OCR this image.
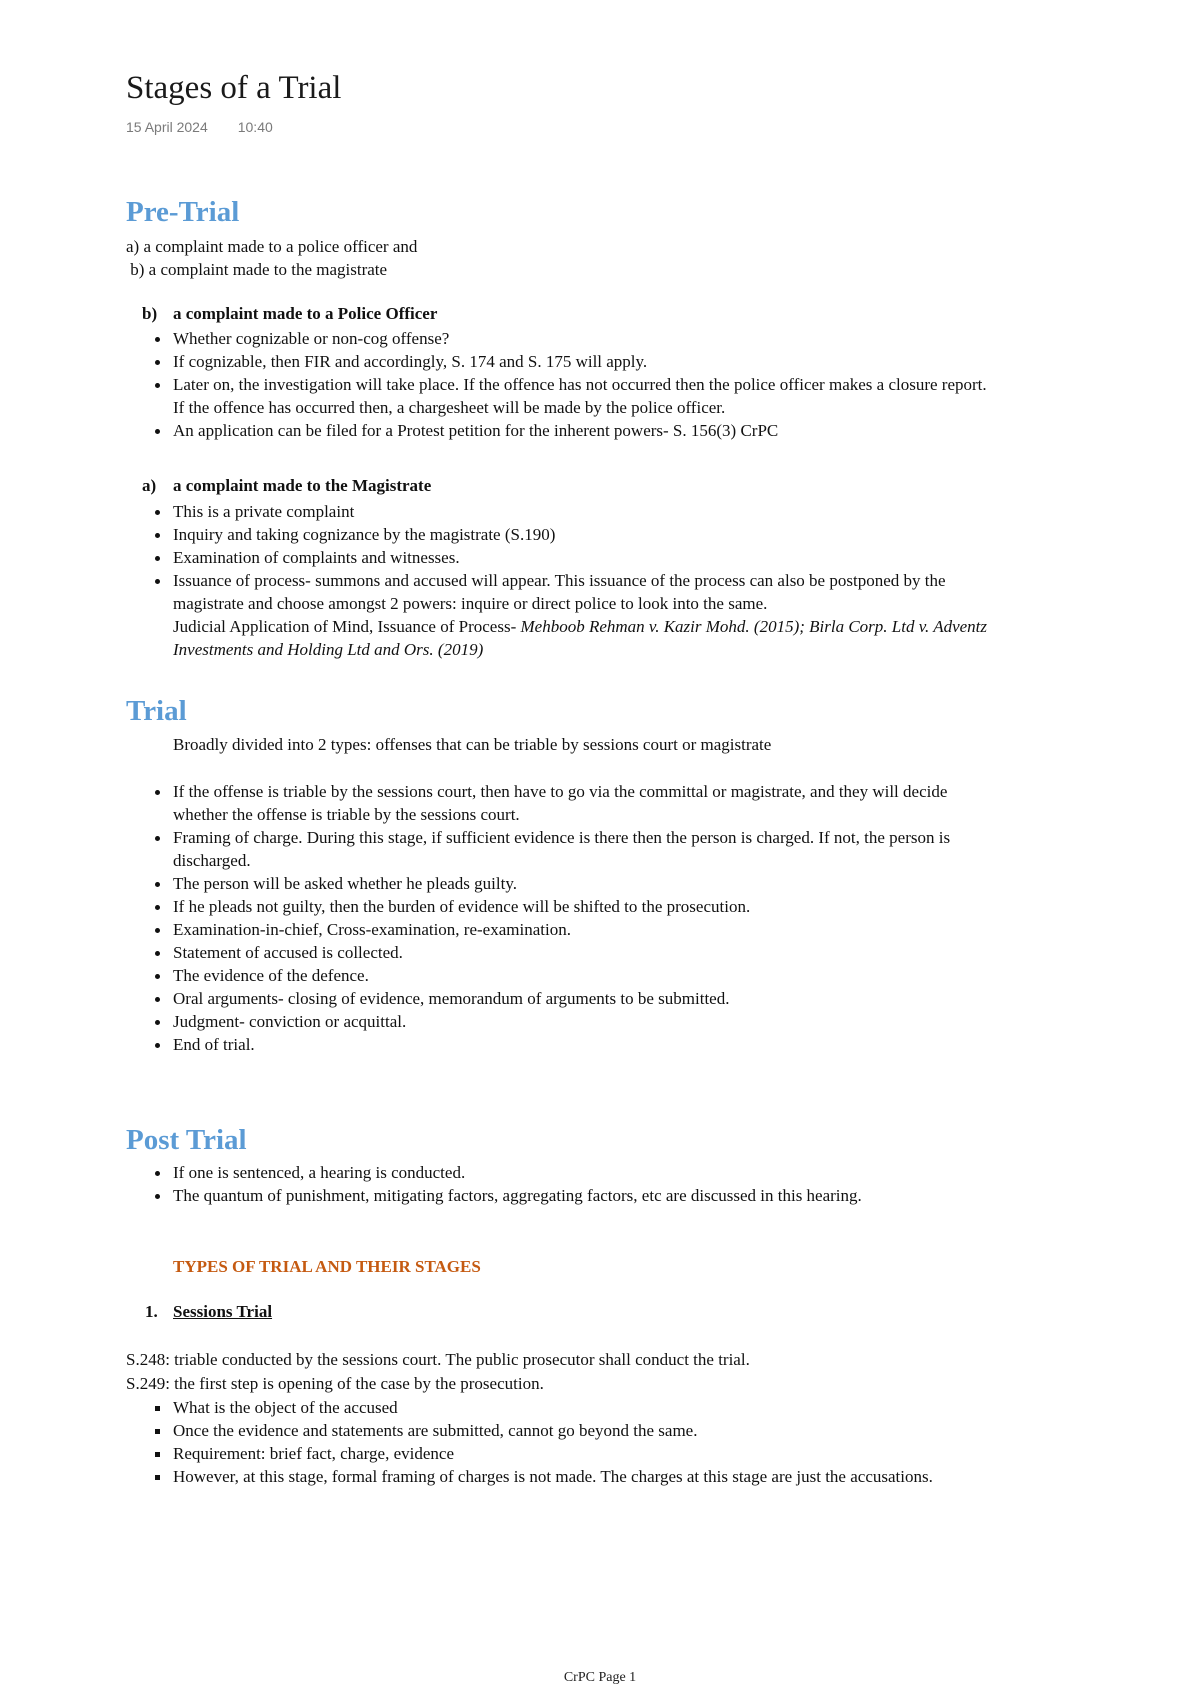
Stages of a Trial
15 April 2024 10:40
Pre-Trial
a) a complaint made to a police officer and
b) a complaint made to the magistrate
b) a complaint made to a Police Officer
Whether cognizable or non-cog offense?
If cognizable, then FIR and accordingly, S. 174 and S. 175 will apply.
Later on, the investigation will take place. If the offence has not occurred then the police officer makes a closure report.
If the offence has occurred then, a chargesheet will be made by the police officer.
An application can be filed for a Protest petition for the inherent powers- S. 156(3) CrPC
a) a complaint made to the Magistrate
This is a private complaint
Inquiry and taking cognizance by the magistrate (S.190)
Examination of complaints and witnesses.
Issuance of process- summons and accused will appear. This issuance of the process can also be postponed by the
magistrate and choose amongst 2 powers: inquire or direct police to look into the same.
Judicial Application of Mind, Issuance of Process- Mehboob Rehman v. Kazir Mohd. (2015); Birla Corp. Ltd v. Adventz
Investments and Holding Ltd and Ors. (2019)
Trial
Broadly divided into 2 types: offenses that can be triable by sessions court or magistrate
If the offense is triable by the sessions court, then have to go via the committal or magistrate, and they will decide
whether the offense is triable by the sessions court.
Framing of charge. During this stage, if sufficient evidence is there then the person is charged. If not, the person is
discharged.
The person will be asked whether he pleads guilty.
If he pleads not guilty, then the burden of evidence will be shifted to the prosecution.
Examination-in-chief, Cross-examination, re-examination.
Statement of accused is collected.
The evidence of the defence.
Oral arguments- closing of evidence, memorandum of arguments to be submitted.
Judgment- conviction or acquittal.
End of trial.
Post Trial
If one is sentenced, a hearing is conducted.
The quantum of punishment, mitigating factors, aggregating factors, etc are discussed in this hearing.
TYPES OF TRIAL AND THEIR STAGES
1. Sessions Trial
S.248: triable conducted by the sessions court. The public prosecutor shall conduct the trial.
S.249: the first step is opening of the case by the prosecution.
What is the object of the accused
Once the evidence and statements are submitted, cannot go beyond the same.
Requirement: brief fact, charge, evidence
However, at this stage, formal framing of charges is not made. The charges at this stage are just the accusations.
CrPC Page 1
